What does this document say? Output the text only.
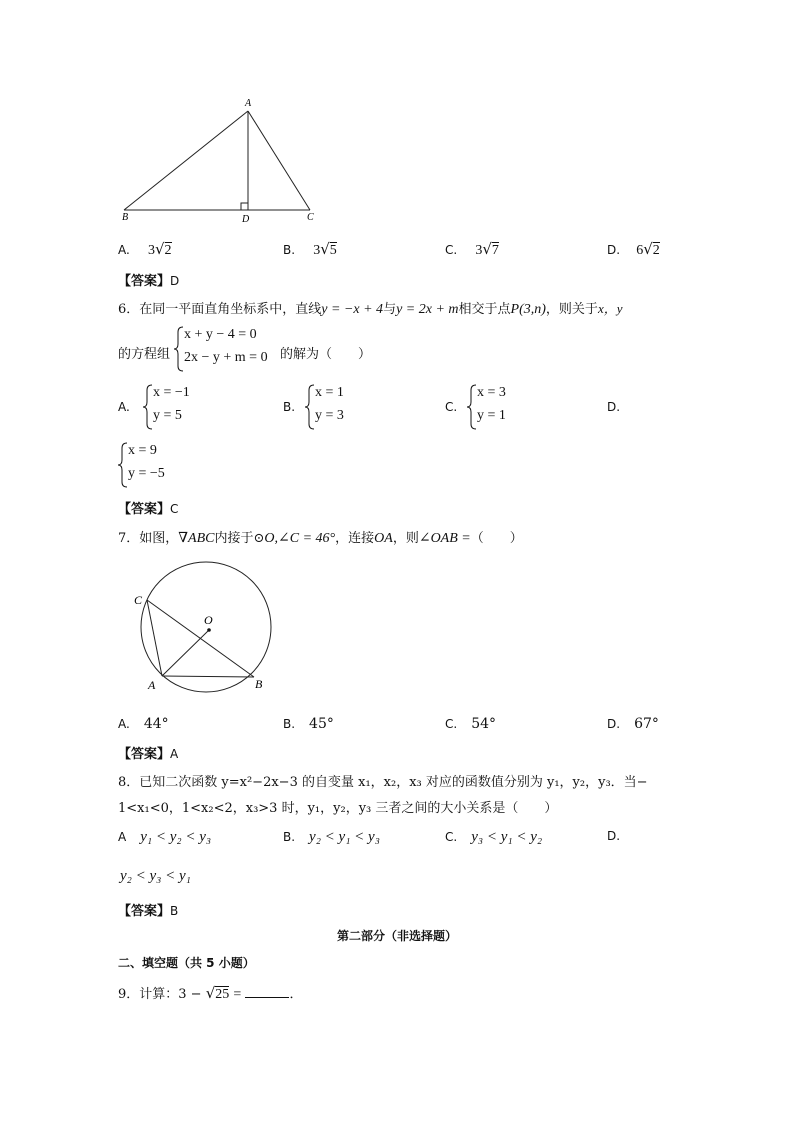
A
B	D	C
A. 3√2	B. 3√5	C. 3√7	D. 6√2
【答案】D
6．在同一平面直角坐标系中，直线y = −x + 4与y = 2x + m相交于点P(3,n)，则关于x，y
的方程组
x + y − 4 = 0
2x − y + m = 0 的解为（　　）
A.
x = −1
y = 5
B.
x = 1
y = 3
C.
x = 3
y = 1
D.
x = 9
y = −5
【答案】C
7．如图，∇ABC内接于⊙O,∠C = 46°，连接OA，则∠OAB =（　　）
C
O
A	B
A. 44°	B. 45°	C. 54°	D. 67°
【答案】A
8．已知二次函数 y=x²−2x−3 的自变量 x₁，x₂，x₃ 对应的函数值分别为 y₁，y₂，y₃．当−
1<x₁<0，1<x₂<2，x₃>3 时，y₁，y₂，y₃ 三者之间的大小关系是（　　）
A y₁ < y₂ < y₃	B. y₂ < y₁ < y₃	C. y₃ < y₁ < y₂	D.
y₂ < y₃ < y₁
【答案】B
第二部分（非选择题）
二、填空题（共 5 小题）
9．计算：3 − √25 =	．
